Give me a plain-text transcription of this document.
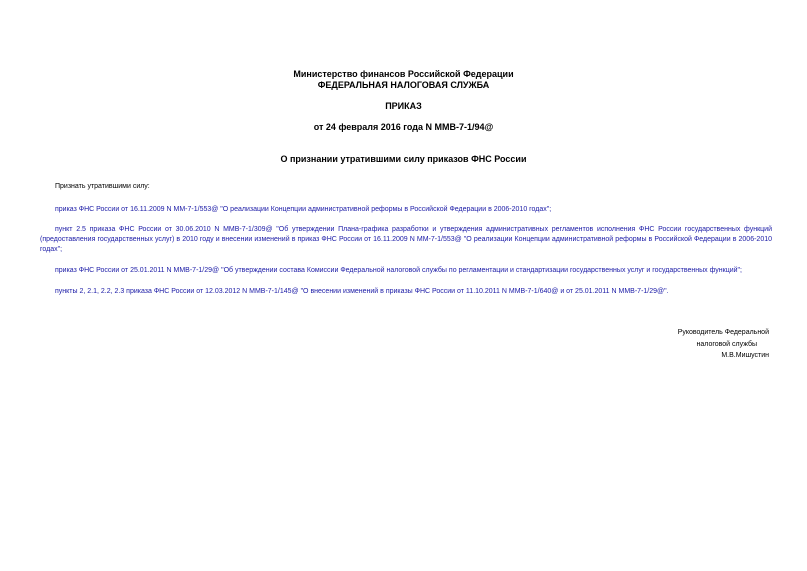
Министерство финансов Российской Федерации
ФЕДЕРАЛЬНАЯ НАЛОГОВАЯ СЛУЖБА
ПРИКАЗ
от 24 февраля 2016 года N ММВ-7-1/94@
О признании утратившими силу приказов ФНС России
Признать утратившими силу:
приказ ФНС России от 16.11.2009 N ММ-7-1/553@ "О реализации Концепции административной реформы в Российской Федерации в 2006-2010 годах";
пункт 2.5 приказа ФНС России от 30.06.2010 N ММВ-7-1/309@ "Об утверждении Плана-графика разработки и утверждения административных регламентов исполнения ФНС России государственных функций (предоставления государственных услуг) в 2010 году и внесении изменений в приказ ФНС России от 16.11.2009 N ММ-7-1/553@ "О реализации Концепции административной реформы в Российской Федерации в 2006-2010 годах";
приказ ФНС России от 25.01.2011 N ММВ-7-1/29@ "Об утверждении состава Комиссии Федеральной налоговой службы по регламентации и стандартизации государственных услуг и государственных функций";
пункты 2, 2.1, 2.2, 2.3 приказа ФНС России от 12.03.2012 N ММВ-7-1/145@ "О внесении изменений в приказы ФНС России от 11.10.2011 N ММВ-7-1/640@ и от 25.01.2011 N ММВ-7-1/29@".
Руководитель Федеральной
налоговой службы
М.В.Мишустин
